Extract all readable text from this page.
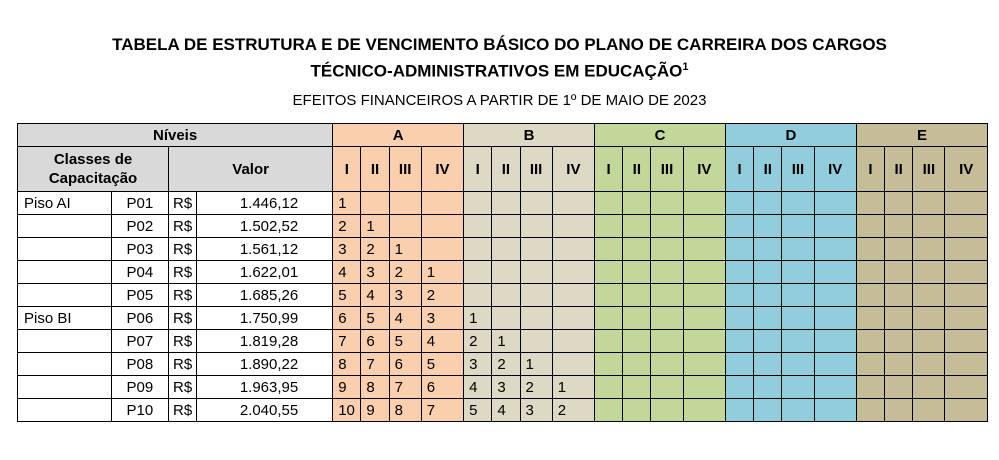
TABELA DE ESTRUTURA E DE VENCIMENTO BÁSICO DO PLANO DE CARREIRA DOS CARGOS
TÉCNICO-ADMINISTRATIVOS EM EDUCAÇÃO$^1$
EFEITOS FINANCEIROS A PARTIR DE 1º DE MAIO DE 2023
Níveis				A				B				C				D				E			
Classes de Capacitação		Valor		I	II	III	IV	I	II	III	IV	I	II	III	IV	I	II	III	IV	I	II	III	IV
Piso AI	P01	R$	1.446,12	1																			
	P02	R$	1.502,52	2	1																		
	P03	R$	1.561,12	3	2	1																	
	P04	R$	1.622,01	4	3	2	1																
	P05	R$	1.685,26	5	4	3	2																
Piso BI	P06	R$	1.750,99	6	5	4	3	1															
	P07	R$	1.819,28	7	6	5	4	2	1														
	P08	R$	1.890,22	8	7	6	5	3	2	1													
	P09	R$	1.963,95	9	8	7	6	4	3	2	1												
	P10	R$	2.040,55	10	9	8	7	5	4	3	2												
